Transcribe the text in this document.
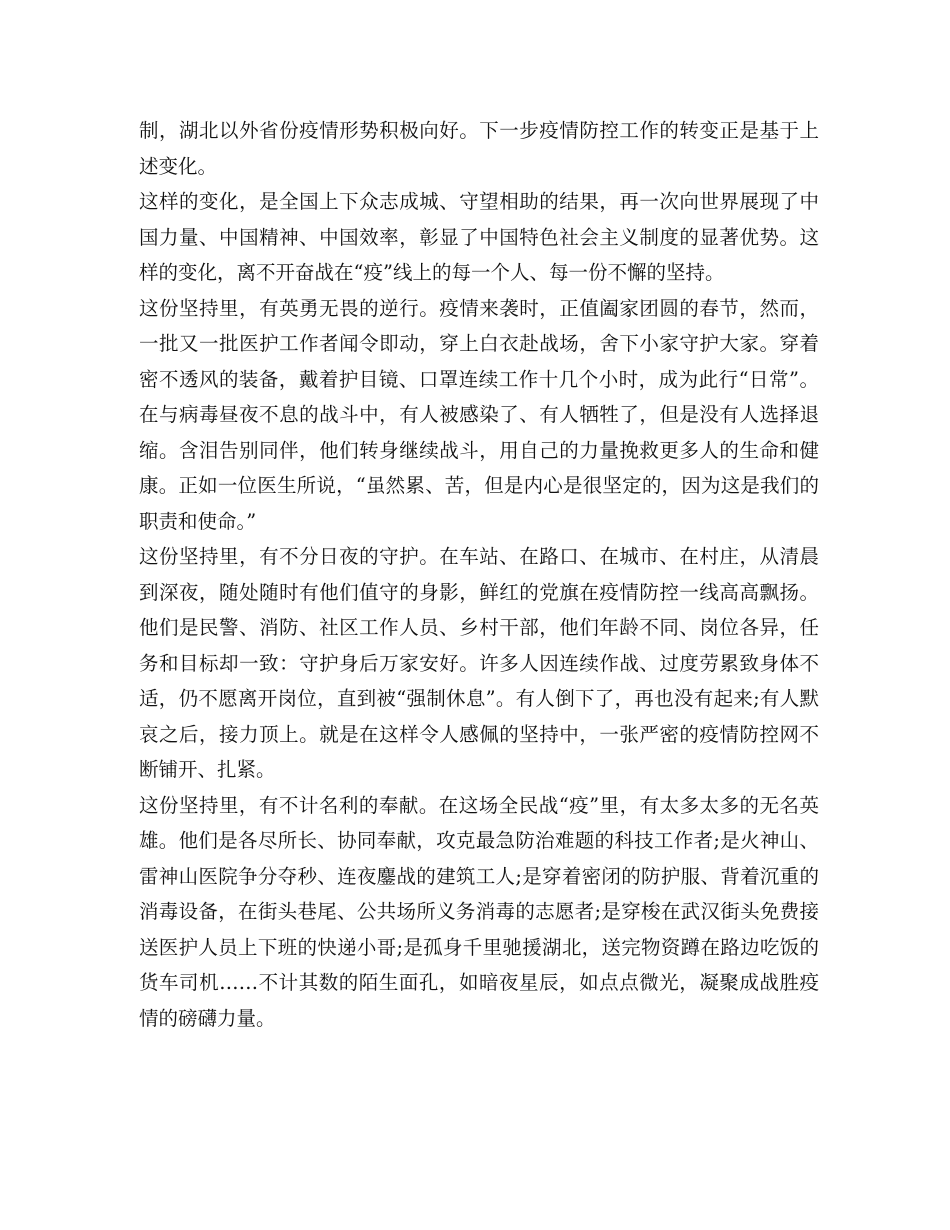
制，湖北以外省份疫情形势积极向好。下一步疫情防控工作的转变正是基于上述变化。

这样的变化，是全国上下众志成城、守望相助的结果，再一次向世界展现了中国力量、中国精神、中国效率，彰显了中国特色社会主义制度的显著优势。这样的变化，离不开奋战在“疫”线上的每一个人、每一份不懈的坚持。

这份坚持里，有英勇无畏的逆行。疫情来袭时，正值阖家团圆的春节，然而，一批又一批医护工作者闻令即动，穿上白衣赴战场，舍下小家守护大家。穿着密不透风的装备，戴着护目镜、口罩连续工作十几个小时，成为此行“日常”。在与病毒昼夜不息的战斗中，有人被感染了、有人牺牲了，但是没有人选择退缩。含泪告别同伴，他们转身继续战斗，用自己的力量挽救更多人的生命和健康。正如一位医生所说，“虽然累、苦，但是内心是很坚定的，因为这是我们的职责和使命。”

这份坚持里，有不分日夜的守护。在车站、在路口、在城市、在村庄，从清晨到深夜，随处随时有他们值守的身影，鲜红的党旗在疫情防控一线高高飘扬。他们是民警、消防、社区工作人员、乡村干部，他们年龄不同、岗位各异，任务和目标却一致：守护身后万家安好。许多人因连续作战、过度劳累致身体不适，仍不愿离开岗位，直到被“强制休息”。有人倒下了，再也没有起来;有人默哀之后，接力顶上。就是在这样令人感佩的坚持中，一张严密的疫情防控网不断铺开、扎紧。

这份坚持里，有不计名利的奉献。在这场全民战“疫”里，有太多太多的无名英雄。他们是各尽所长、协同奉献，攻克最急防治难题的科技工作者;是火神山、雷神山医院争分夺秒、连夜鏖战的建筑工人;是穿着密闭的防护服、背着沉重的消毒设备，在街头巷尾、公共场所义务消毒的志愿者;是穿梭在武汉街头免费接送医护人员上下班的快递小哥;是孤身千里驰援湖北，送完物资蹲在路边吃饭的货车司机……不计其数的陌生面孔，如暗夜星辰，如点点微光，凝聚成战胜疫情的磅礴力量。
